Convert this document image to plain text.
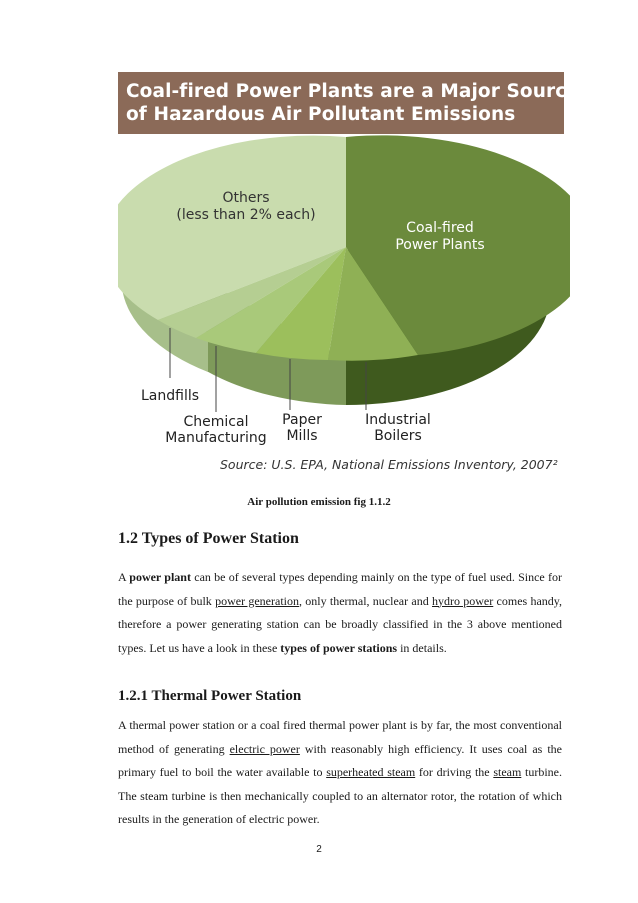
Others
(less than 2% each)
Coal-fired
Power Plants
Landfills
Chemical
Manufacturing
Paper
Mills
Industrial
Boilers
Coal-fired Power Plants are a Major Source
of Hazardous Air Pollutant Emissions
Source: U.S. EPA, National Emissions Inventory, 2007²
Air pollution emission fig 1.1.2
1.2 Types of Power Station

A power plant can be of several types depending mainly on the type of fuel used. Since for the purpose of bulk power generation, only thermal, nuclear and hydro power comes handy, therefore a power generating station can be broadly classified in the 3 above mentioned types. Let us have a look in these types of power stations in details.

1.2.1 Thermal Power Station

A thermal power station or a coal fired thermal power plant is by far, the most conventional method of generating electric power with reasonably high efficiency. It uses coal as the primary fuel to boil the water available to superheated steam for driving the steam turbine. The steam turbine is then mechanically coupled to an alternator rotor, the rotation of which results in the generation of electric power.

2
